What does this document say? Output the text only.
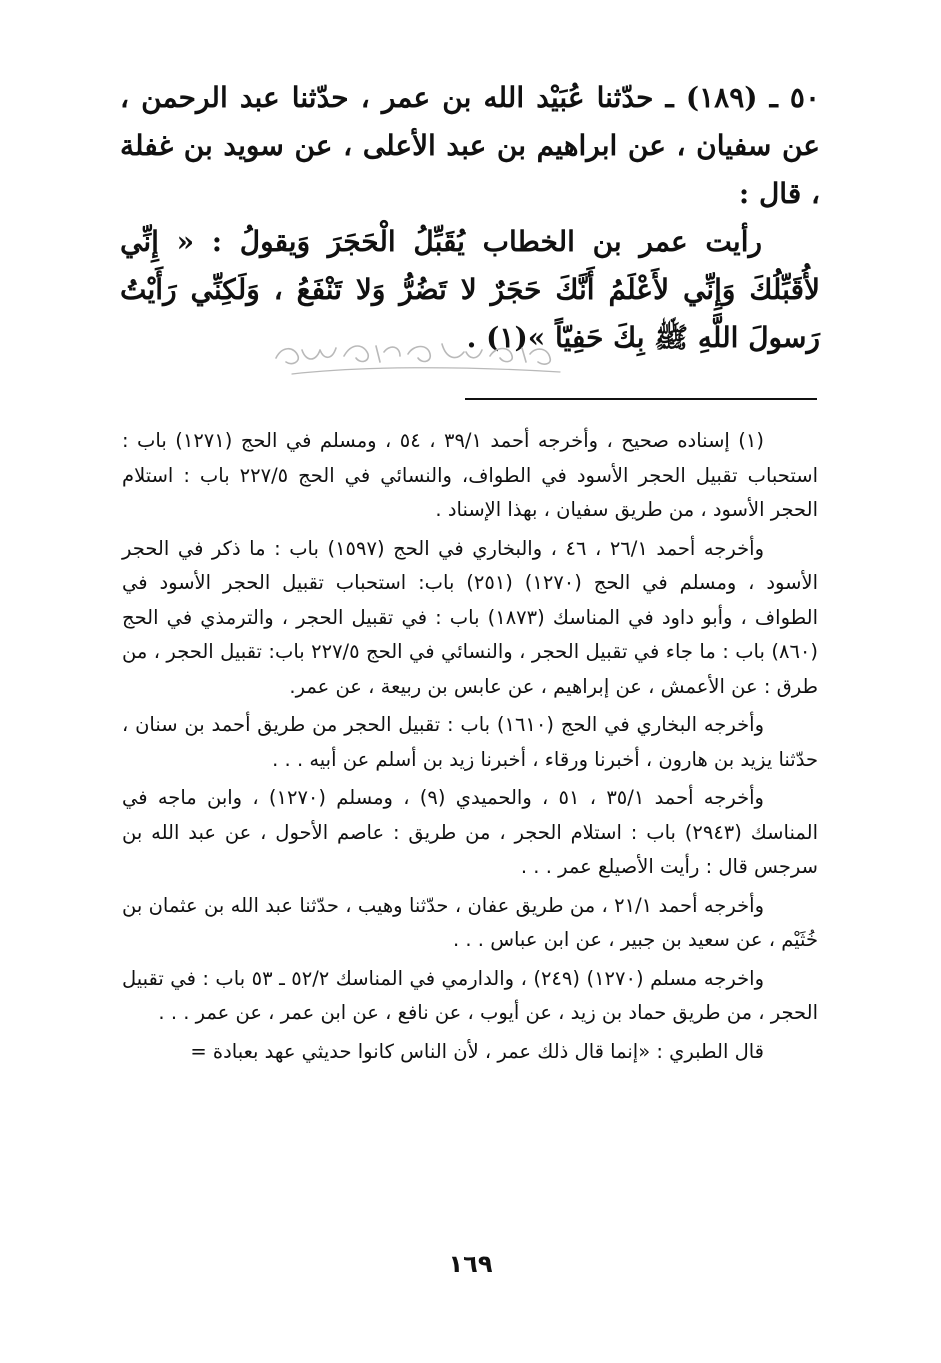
٥٠ ـ (١٨٩) ـ حدّثنا عُبَيْد الله بن عمر ، حدّثنا عبد الرحمن ، عن سفيان ، عن ابراهيم بن عبد الأعلى ، عن سويد بن غفلة ، قال :

رأيت عمر بن الخطاب يُقَبِّلُ الْحَجَرَ وَيقولُ : « إِنِّي لأُقَبِّلُكَ وَإِنِّي لأَعْلَمُ أَنَّكَ حَجَرٌ لا تَضُرُّ وَلا تَنْفَعُ ، وَلَكِنِّي رَأَيْتُ رَسولَ اللَّهِ ﷺ بِكَ حَفِيّاً »(١) .

(١) إسناده صحيح ، وأخرجه أحمد ٣٩/١ ، ٥٤ ، ومسلم في الحج (١٢٧١) باب : استحباب تقبيل الحجر الأسود في الطواف، والنسائي في الحج ٢٢٧/٥ باب : استلام الحجر الأسود ، من طريق سفيان ، بهذا الإسناد .

وأخرجه أحمد ٢٦/١ ، ٤٦ ، والبخاري في الحج (١٥٩٧) باب : ما ذكر في الحجر الأسود ، ومسلم في الحج (١٢٧٠) (٢٥١) باب: استحباب تقبيل الحجر الأسود في الطواف ، وأبو داود في المناسك (١٨٧٣) باب : في تقبيل الحجر ، والترمذي في الحج (٨٦٠) باب : ما جاء في تقبيل الحجر ، والنسائي في الحج ٢٢٧/٥ باب: تقبيل الحجر ، من طرق : عن الأعمش ، عن إبراهيم ، عن عابس بن ربيعة ، عن عمر.

وأخرجه البخاري في الحج (١٦١٠) باب : تقبيل الحجر من طريق أحمد بن سنان ، حدّثنا يزيد بن هارون ، أخبرنا ورقاء ، أخبرنا زيد بن أسلم عن أبيه . . .

وأخرجه أحمد ٣٥/١ ، ٥١ ، والحميدي (٩) ، ومسلم (١٢٧٠) ، وابن ماجه في المناسك (٢٩٤٣) باب : استلام الحجر ، من طريق : عاصم الأحول ، عن عبد الله بن سرجس قال : رأيت الأصيلع عمر . . .

وأخرجه أحمد ٢١/١ ، من طريق عفان ، حدّثنا وهيب ، حدّثنا عبد الله بن عثمان بن خُثَيْم ، عن سعيد بن جبير ، عن ابن عباس . . .

واخرجه مسلم (١٢٧٠) (٢٤٩) ، والدارمي في المناسك ٥٢/٢ ـ ٥٣ باب : في تقبيل الحجر ، من طريق حماد بن زيد ، عن أيوب ، عن نافع ، عن ابن عمر ، عن عمر . . .

قال الطبري : «إنما قال ذلك عمر ، لأن الناس كانوا حديثي عهد بعبادة =

١٦٩
